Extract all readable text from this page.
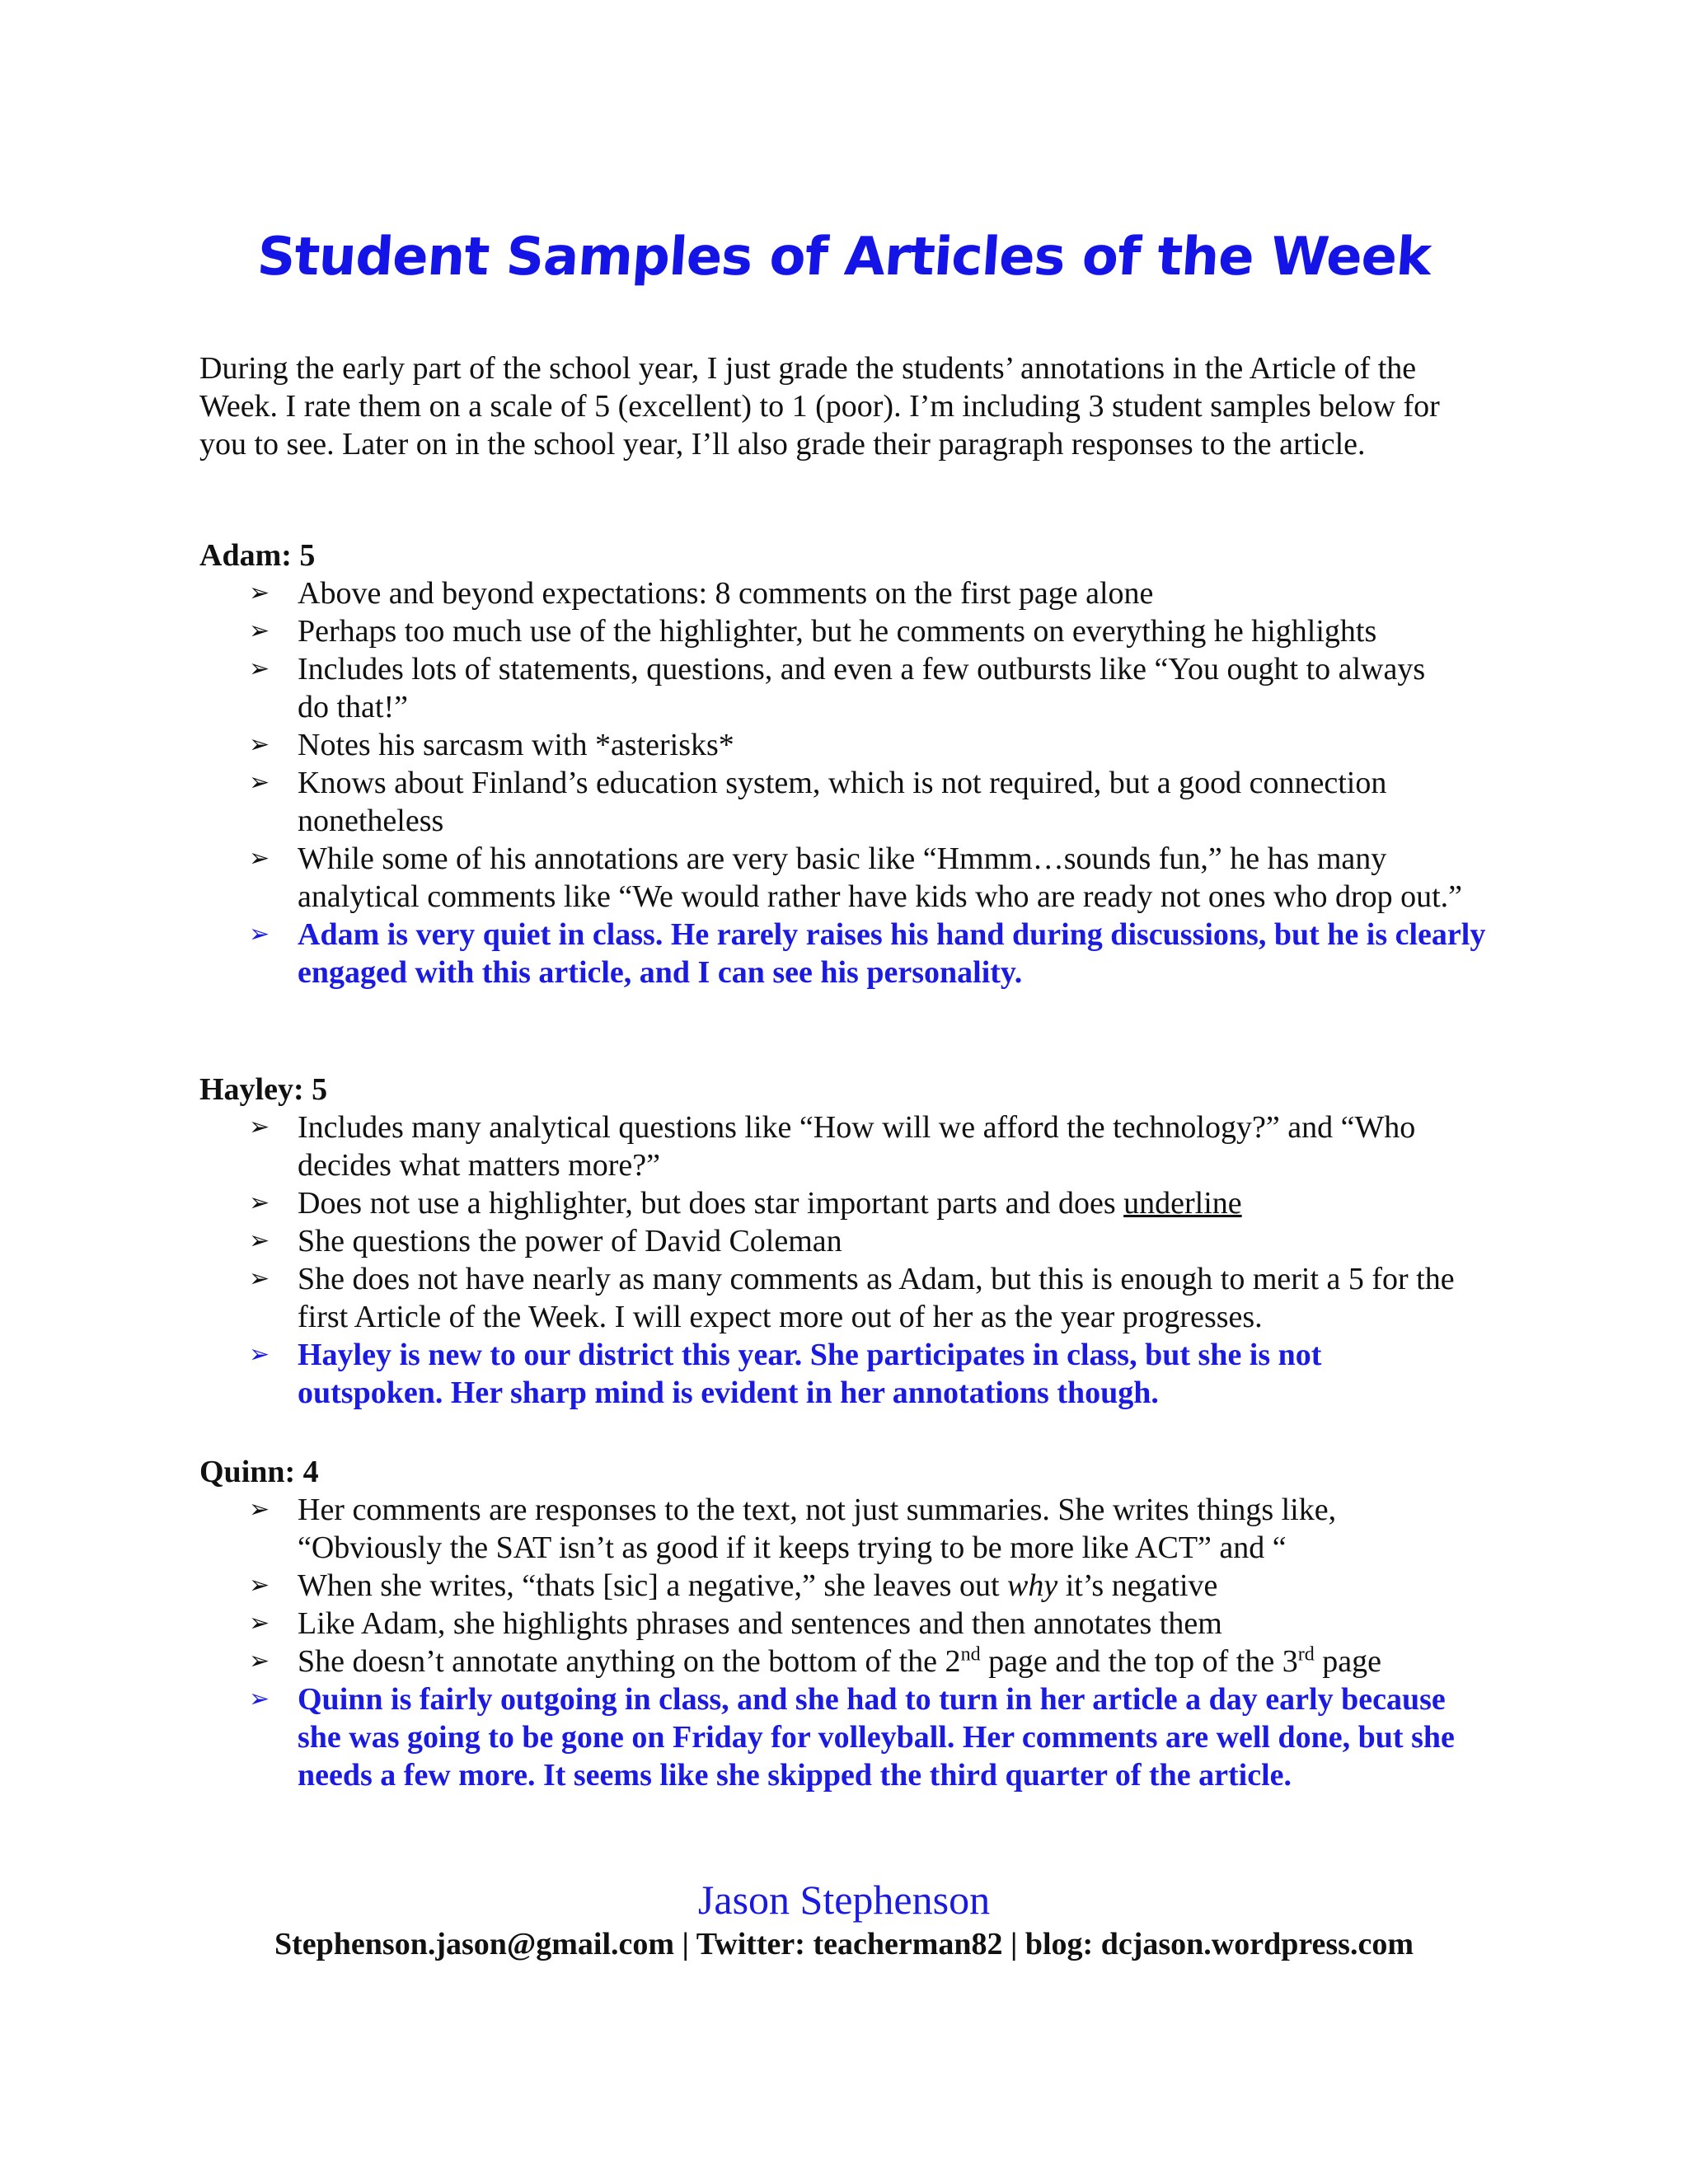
Student Samples of Articles of the Week

During the early part of the school year, I just grade the students’ annotations in the Article of the Week. I rate them on a scale of 5 (excellent) to 1 (poor). I’m including 3 student samples below for you to see. Later on in the school year, I’ll also grade their paragraph responses to the article.

Adam: 5

➢ Above and beyond expectations: 8 comments on the first page alone
➢ Perhaps too much use of the highlighter, but he comments on everything he highlights
➢ Includes lots of statements, questions, and even a few outbursts like “You ought to always do that!”
➢ Notes his sarcasm with *asterisks*
➢ Knows about Finland’s education system, which is not required, but a good connection nonetheless
➢ While some of his annotations are very basic like “Hmmm…sounds fun,” he has many analytical comments like “We would rather have kids who are ready not ones who drop out.”
➢ Adam is very quiet in class. He rarely raises his hand during discussions, but he is clearly engaged with this article, and I can see his personality.

Hayley: 5

➢ Includes many analytical questions like “How will we afford the technology?” and “Who decides what matters more?”
➢ Does not use a highlighter, but does star important parts and does underline
➢ She questions the power of David Coleman
➢ She does not have nearly as many comments as Adam, but this is enough to merit a 5 for the first Article of the Week. I will expect more out of her as the year progresses.
➢ Hayley is new to our district this year. She participates in class, but she is not outspoken. Her sharp mind is evident in her annotations though.

Quinn: 4

➢ Her comments are responses to the text, not just summaries. She writes things like, “Obviously the SAT isn’t as good if it keeps trying to be more like ACT” and “
➢ When she writes, “thats [sic] a negative,” she leaves out why it’s negative
➢ Like Adam, she highlights phrases and sentences and then annotates them
➢ She doesn’t annotate anything on the bottom of the 2nd page and the top of the 3rd page
➢ Quinn is fairly outgoing in class, and she had to turn in her article a day early because she was going to be gone on Friday for volleyball. Her comments are well done, but she needs a few more. It seems like she skipped the third quarter of the article.
Jason Stephenson
Stephenson.jason@gmail.com | Twitter: teacherman82 | blog: dcjason.wordpress.com
